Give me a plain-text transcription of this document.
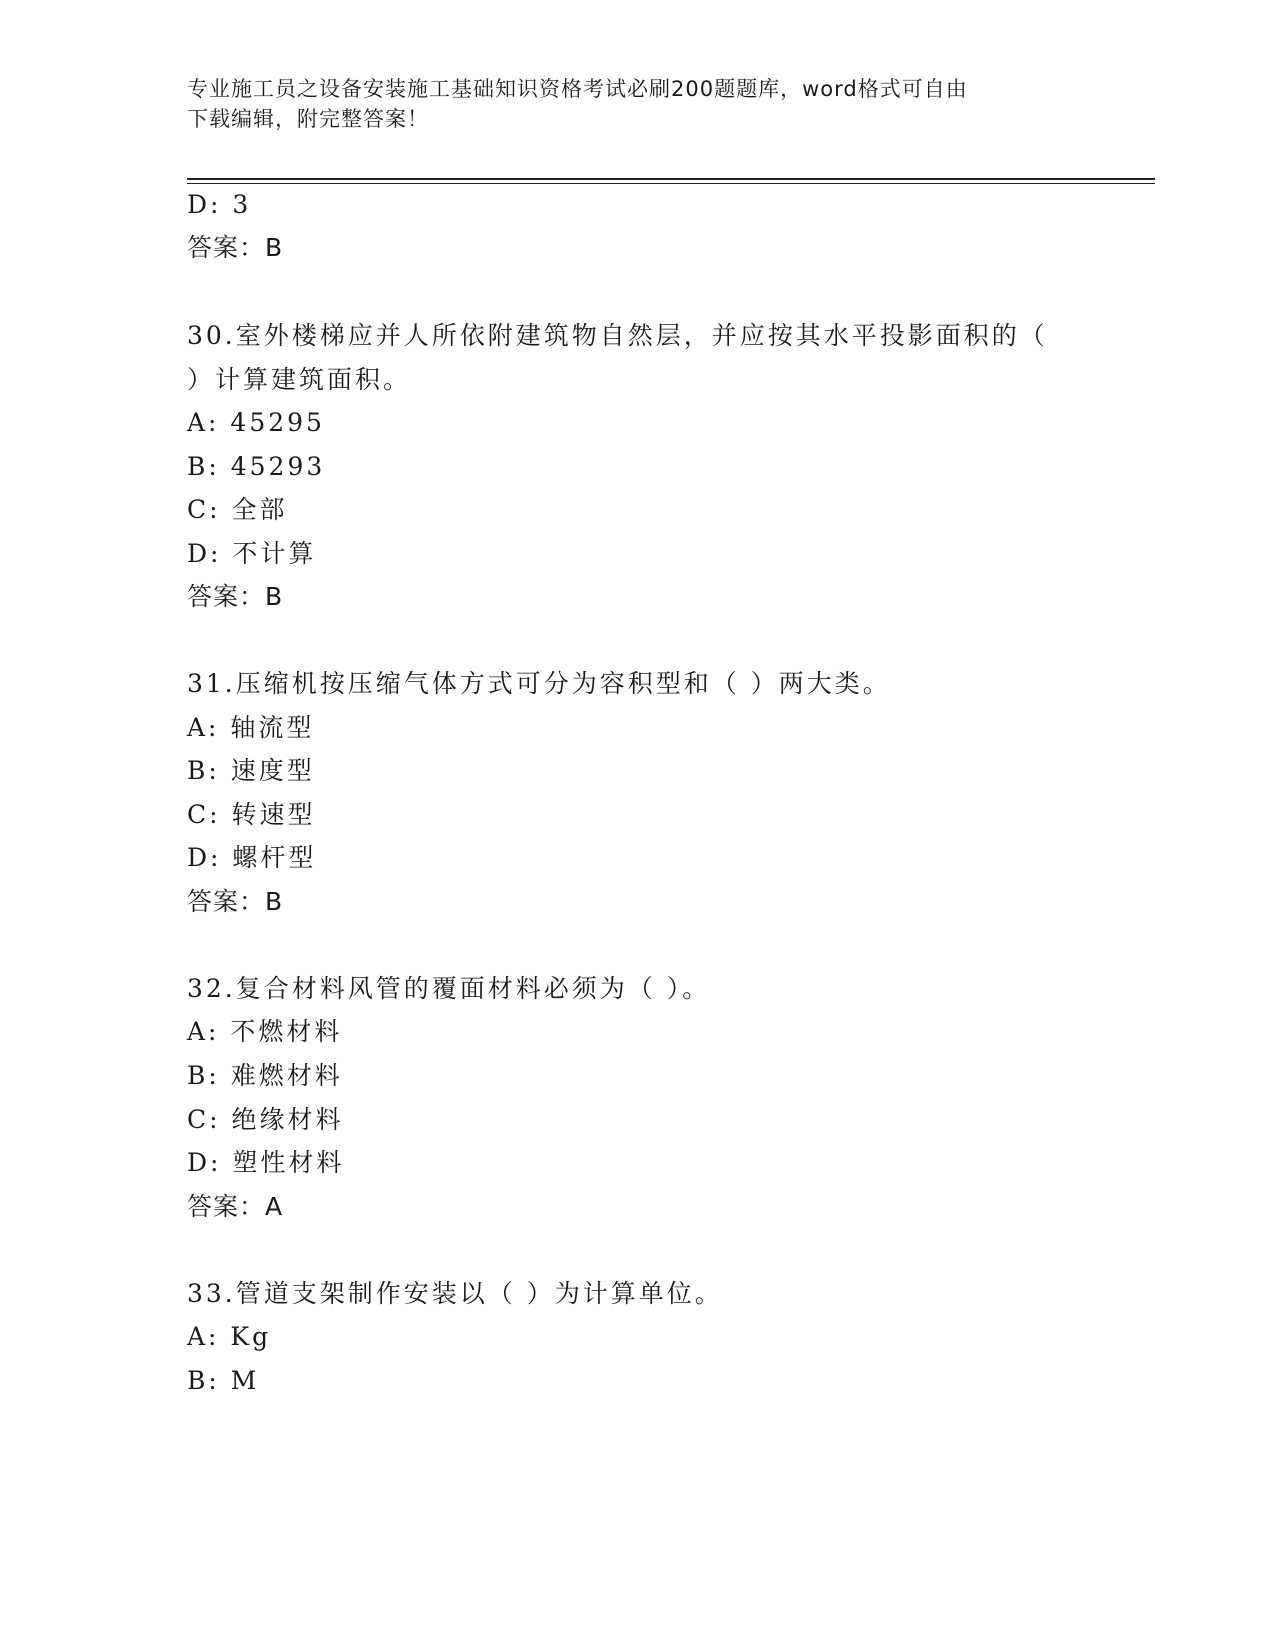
专业施工员之设备安装施工基础知识资格考试必刷200题题库，word格式可自由
下载编辑，附完整答案！
D: 3
答案：B
30.室外楼梯应并人所依附建筑物自然层，并应按其水平投影面积的（
）计算建筑面积。
A: 45295
B: 45293
C: 全部
D: 不计算
答案：B
31.压缩机按压缩气体方式可分为容积型和（ ）两大类。
A: 轴流型
B: 速度型
C: 转速型
D: 螺杆型
答案：B
32.复合材料风管的覆面材料必须为（ ）。
A: 不燃材料
B: 难燃材料
C: 绝缘材料
D: 塑性材料
答案：A
33.管道支架制作安装以（ ）为计算单位。
A: Kg
B: M
